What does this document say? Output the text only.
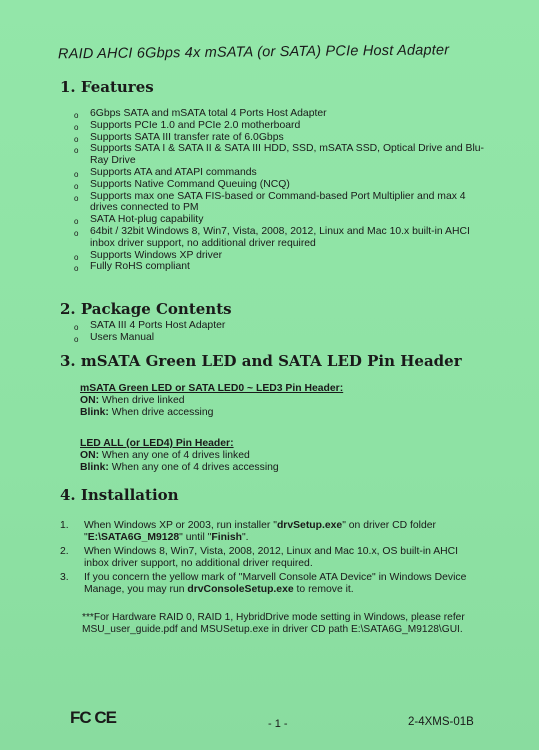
RAID AHCI 6Gbps 4x mSATA (or SATA) PCIe Host Adapter
1. Features
o 6Gbps SATA and mSATA total 4 Ports Host Adapter
o Supports PCIe 1.0 and PCIe 2.0 motherboard
o Supports SATA III transfer rate of 6.0Gbps
o Supports SATA I & SATA II & SATA III HDD, SSD, mSATA SSD, Optical Drive and Blu-Ray Drive
o Supports ATA and ATAPI commands
o Supports Native Command Queuing (NCQ)
o Supports max one SATA FIS-based or Command-based Port Multiplier and max 4 drives connected to PM
o SATA Hot-plug capability
o 64bit / 32bit Windows 8, Win7, Vista, 2008, 2012, Linux and Mac 10.x built-in AHCI inbox driver support, no additional driver required
o Supports Windows XP driver
o Fully RoHS compliant
2. Package Contents
o SATA III 4 Ports Host Adapter
o Users Manual
3. mSATA Green LED and SATA LED Pin Header
mSATA Green LED or SATA LED0 ~ LED3 Pin Header:
ON: When drive linked
Blink: When drive accessing
LED ALL (or LED4) Pin Header:
ON: When any one of 4 drives linked
Blink: When any one of 4 drives accessing
4. Installation
1. When Windows XP or 2003, run installer "drvSetup.exe" on driver CD folder "E:\SATA6G_M9128" until "Finish".
2. When Windows 8, Win7, Vista, 2008, 2012, Linux and Mac 10.x, OS built-in AHCI inbox driver support, no additional driver required.
3. If you concern the yellow mark of "Marvell Console ATA Device" in Windows Device Manage, you may run drvConsoleSetup.exe to remove it.
***For Hardware RAID 0, RAID 1, HybridDrive mode setting in Windows, please refer MSU_user_guide.pdf and MSUSetup.exe in driver CD path E:\SATA6G_M9128\GUI.
FC CE	- 1 -	2-4XMS-01B
